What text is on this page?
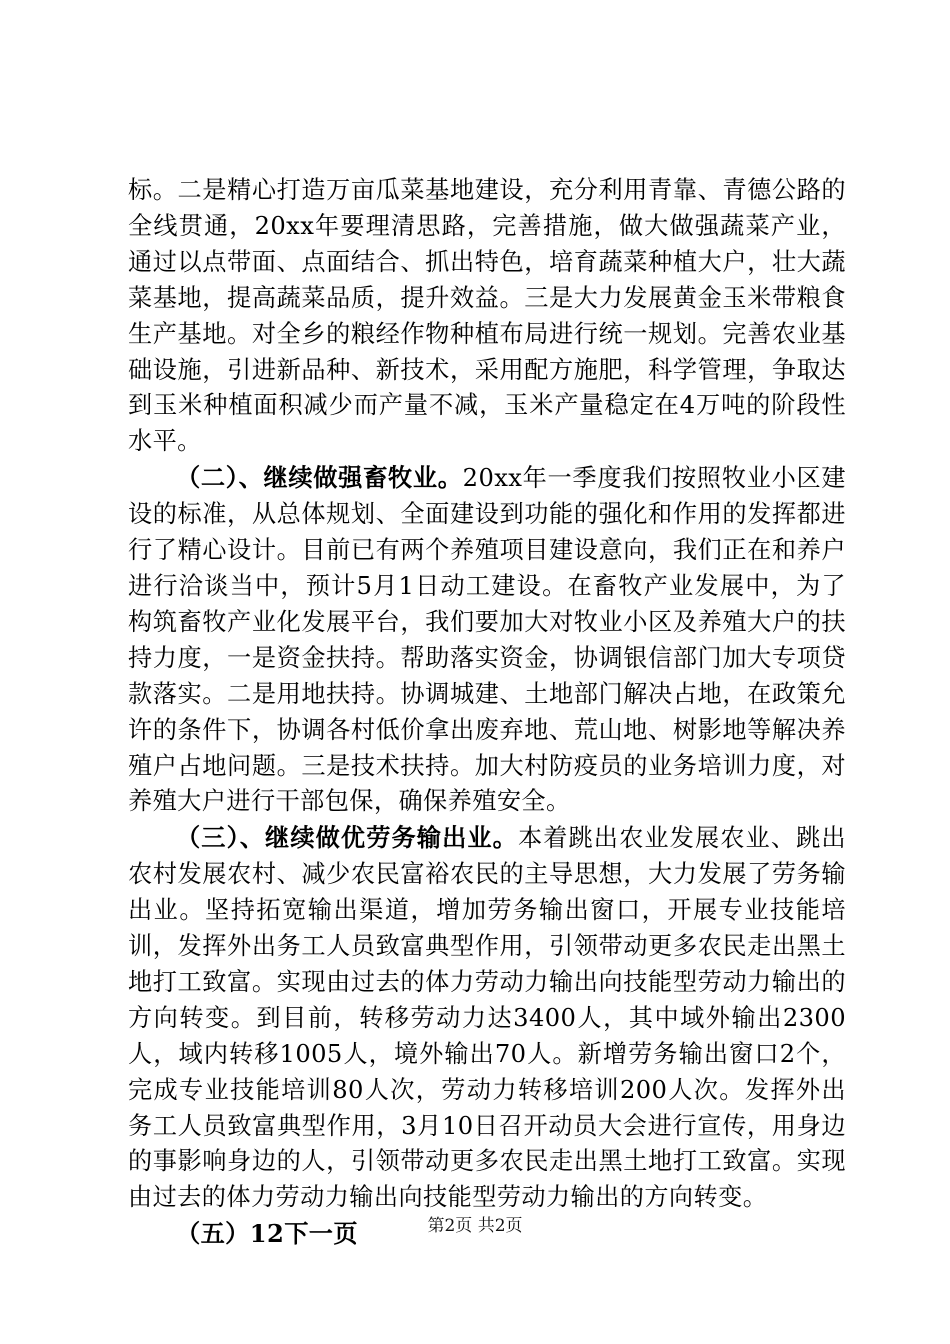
标。二是精心打造万亩瓜菜基地建设，充分利用青靠、青德公路的全线贯通，20xx年要理清思路，完善措施，做大做强蔬菜产业，通过以点带面、点面结合、抓出特色，培育蔬菜种植大户，壮大蔬菜基地，提高蔬菜品质，提升效益。三是大力发展黄金玉米带粮食生产基地。对全乡的粮经作物种植布局进行统一规划。完善农业基础设施，引进新品种、新技术，采用配方施肥，科学管理，争取达到玉米种植面积减少而产量不减，玉米产量稳定在4万吨的阶段性水平。

（二）、继续做强畜牧业。20xx年一季度我们按照牧业小区建设的标准，从总体规划、全面建设到功能的强化和作用的发挥都进行了精心设计。目前已有两个养殖项目建设意向，我们正在和养户进行洽谈当中，预计5月1日动工建设。在畜牧产业发展中，为了构筑畜牧产业化发展平台，我们要加大对牧业小区及养殖大户的扶持力度，一是资金扶持。帮助落实资金，协调银信部门加大专项贷款落实。二是用地扶持。协调城建、土地部门解决占地，在政策允许的条件下，协调各村低价拿出废弃地、荒山地、树影地等解决养殖户占地问题。三是技术扶持。加大村防疫员的业务培训力度，对养殖大户进行干部包保，确保养殖安全。

（三）、继续做优劳务输出业。本着跳出农业发展农业、跳出农村发展农村、减少农民富裕农民的主导思想，大力发展了劳务输出业。坚持拓宽输出渠道，增加劳务输出窗口，开展专业技能培训，发挥外出务工人员致富典型作用，引领带动更多农民走出黑土地打工致富。实现由过去的体力劳动力输出向技能型劳动力输出的方向转变。到目前，转移劳动力达3400人，其中域外输出2300人，域内转移1005人，境外输出70人。新增劳务输出窗口2个，完成专业技能培训80人次，劳动力转移培训200人次。发挥外出务工人员致富典型作用，3月10日召开动员大会进行宣传，用身边的事影响身边的人，引领带动更多农民走出黑土地打工致富。实现由过去的体力劳动力输出向技能型劳动力输出的方向转变。

（五）12下一页	第2页 共2页
